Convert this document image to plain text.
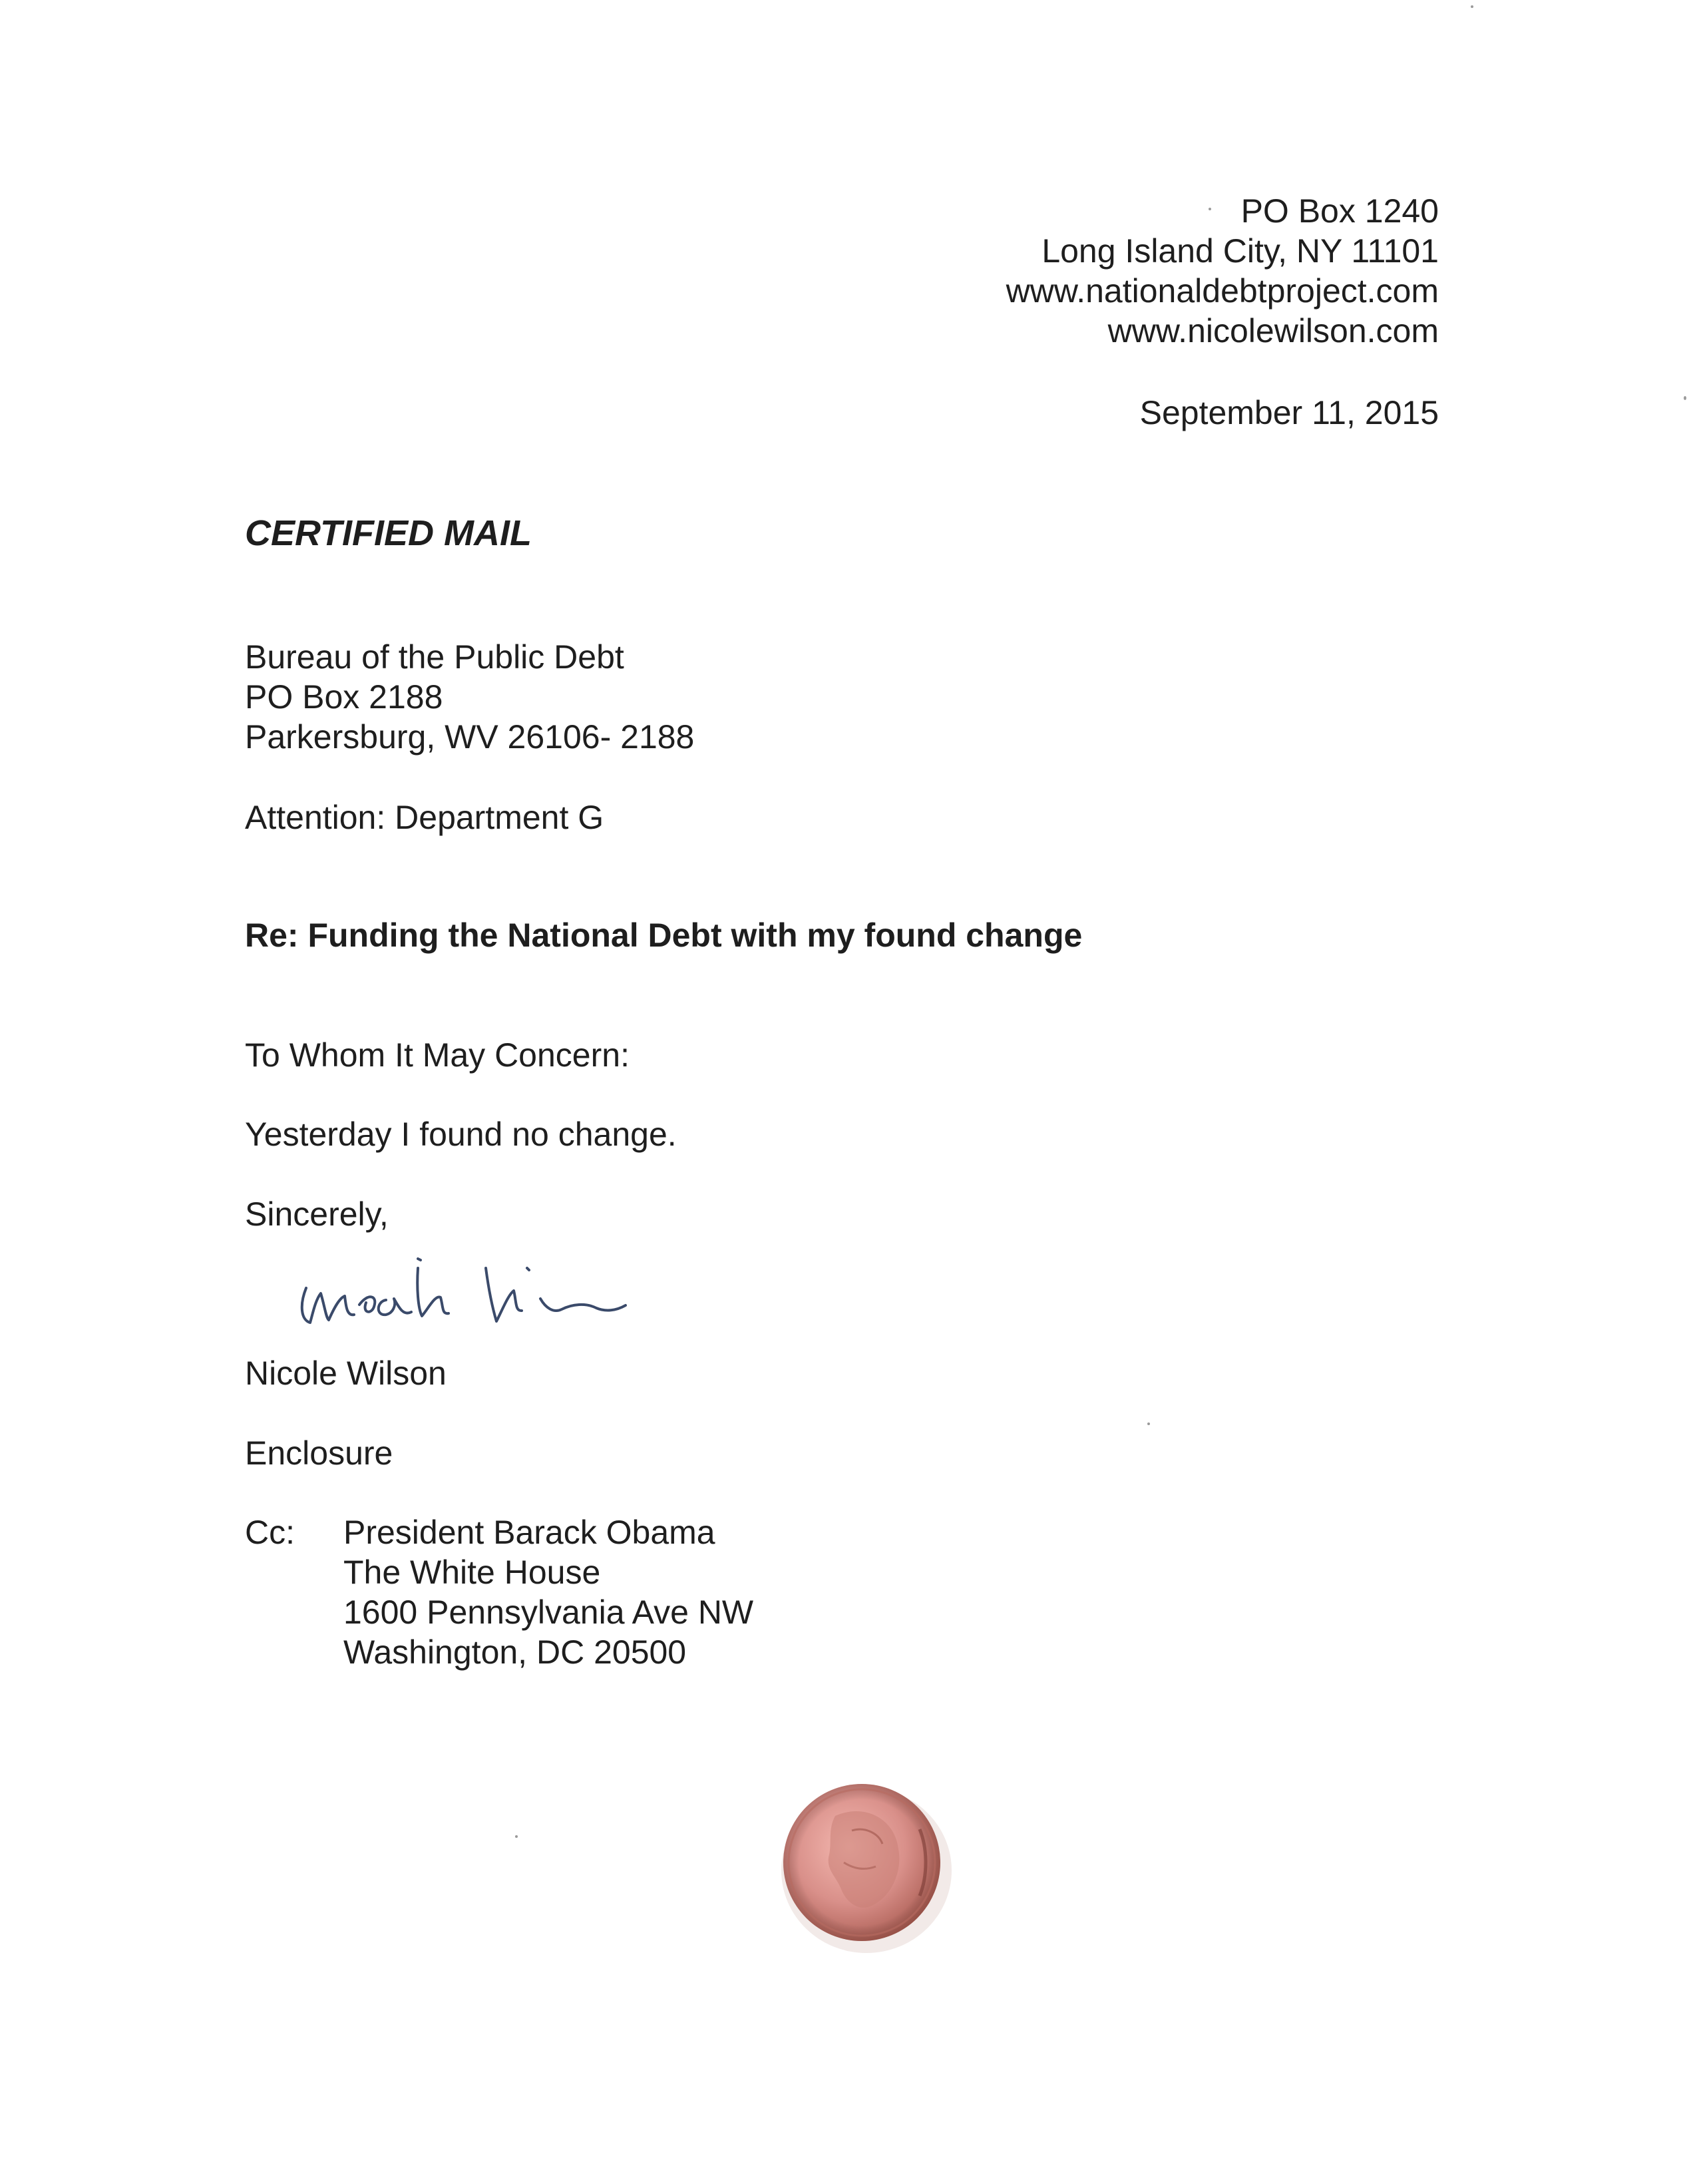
PO Box 1240
Long Island City, NY 11101
www.nationaldebtproject.com
www.nicolewilson.com
September 11, 2015
CERTIFIED MAIL
Bureau of the Public Debt
PO Box 2188
Parkersburg, WV 26106- 2188
Attention: Department G
Re: Funding the National Debt with my found change
To Whom It May Concern:
Yesterday I found no change.
Sincerely,
Nicole Wilson
Enclosure
Cc: President Barack Obama
The White House
1600 Pennsylvania Ave NW
Washington, DC 20500
